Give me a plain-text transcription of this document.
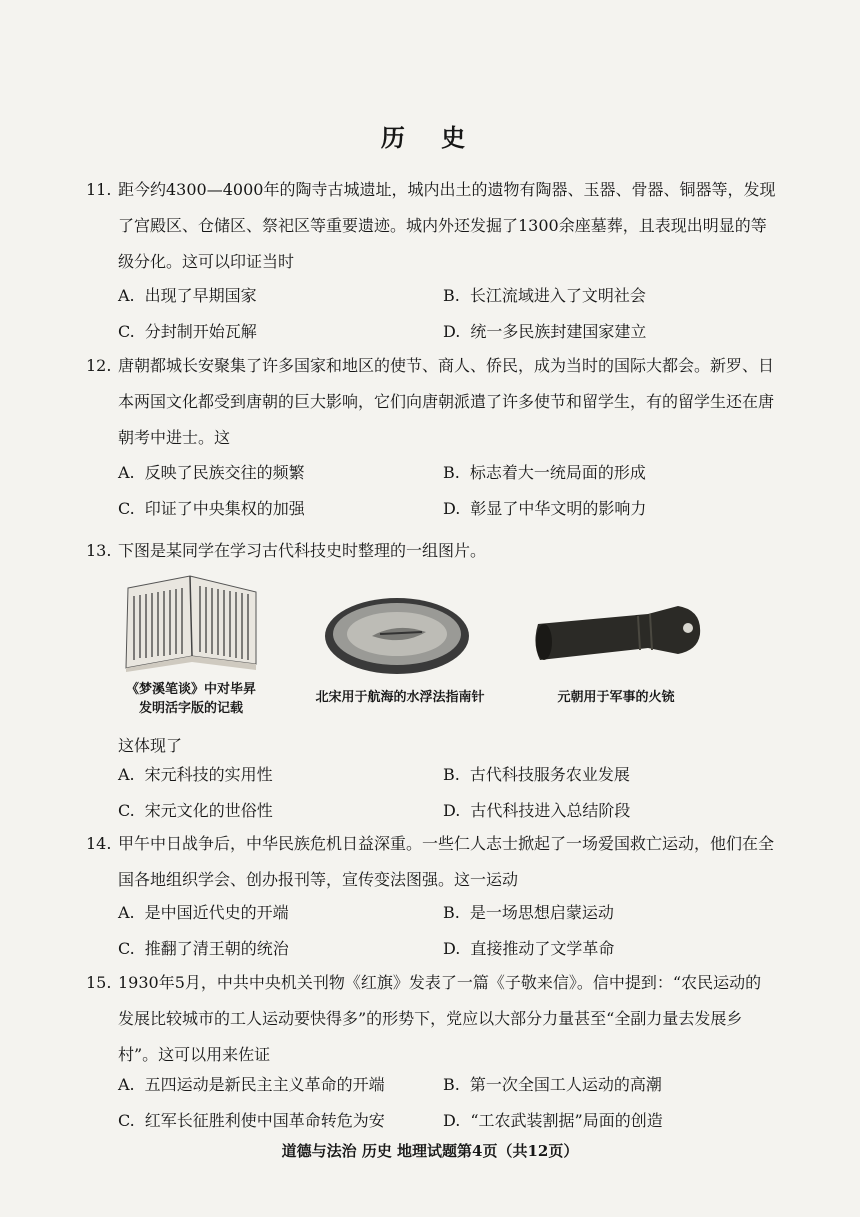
历 史
11. 距今约4300—4000年的陶寺古城遗址，城内出土的遗物有陶器、玉器、骨器、铜器等，发现了宫殿区、仓储区、祭祀区等重要遗迹。城内外还发掘了1300余座墓葬，且表现出明显的等级分化。这可以印证当时
A. 出现了早期国家	B. 长江流域进入了文明社会
C. 分封制开始瓦解	D. 统一多民族封建国家建立
12. 唐朝都城长安聚集了许多国家和地区的使节、商人、侨民，成为当时的国际大都会。新罗、日本两国文化都受到唐朝的巨大影响，它们向唐朝派遣了许多使节和留学生，有的留学生还在唐朝考中进士。这
A. 反映了民族交往的频繁	B. 标志着大一统局面的形成
C. 印证了中央集权的加强	D. 彰显了中华文明的影响力
13. 下图是某同学在学习古代科技史时整理的一组图片。
《梦溪笔谈》中对毕昇
发明活字版的记载
北宋用于航海的水浮法指南针	元朝用于军事的火铳
这体现了
A. 宋元科技的实用性	B. 古代科技服务农业发展
C. 宋元文化的世俗性	D. 古代科技进入总结阶段
14. 甲午中日战争后，中华民族危机日益深重。一些仁人志士掀起了一场爱国救亡运动，他们在全国各地组织学会、创办报刊等，宣传变法图强。这一运动
A. 是中国近代史的开端	B. 是一场思想启蒙运动
C. 推翻了清王朝的统治	D. 直接推动了文学革命
15. 1930年5月，中共中央机关刊物《红旗》发表了一篇《子敬来信》。信中提到：“农民运动的发展比较城市的工人运动要快得多”的形势下，党应以大部分力量甚至“全副力量去发展乡村”。这可以用来佐证
A. 五四运动是新民主主义革命的开端	B. 第一次全国工人运动的高潮
C. 红军长征胜利使中国革命转危为安	D. “工农武装割据”局面的创造
道德与法治 历史 地理试题第4页（共12页）
